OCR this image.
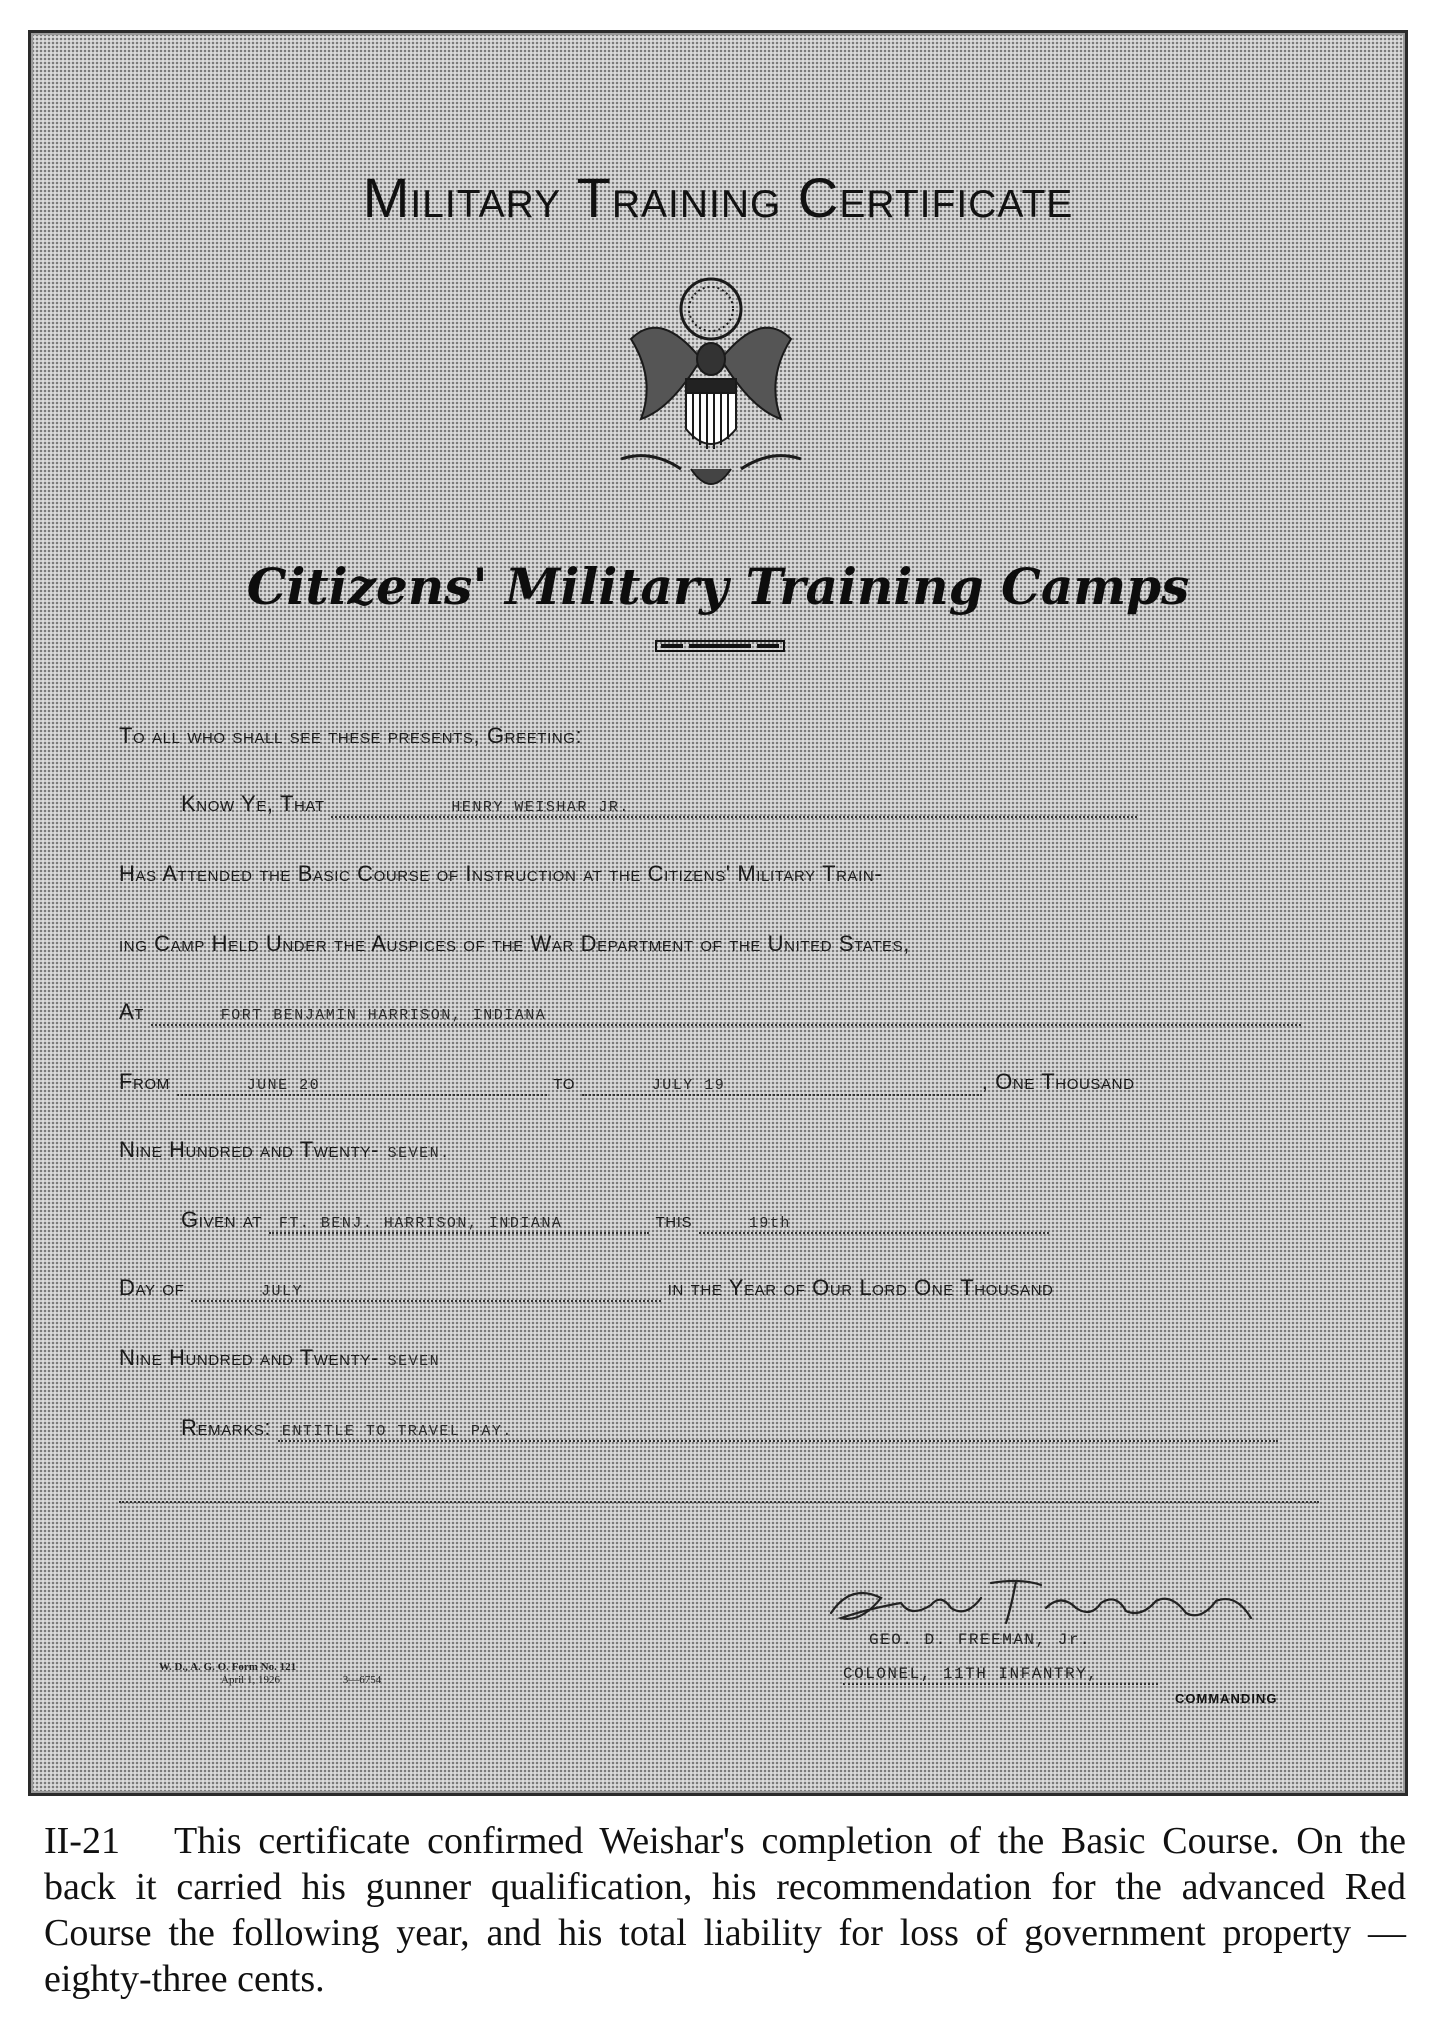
Military Training Certificate
Citizens' Military Training Camps
To all who shall see these presents, Greeting:
Know Ye, That	HENRY WEISHAR JR.
Has Attended the Basic Course of Instruction at the Citizens' Military Train-
ing Camp Held Under the Auspices of the War Department of the United States,
At	FORT BENJAMIN HARRISON, INDIANA
From	JUNE 20	to	JULY 19	, One Thousand
Nine Hundred and Twenty- SEVEN.
Given at FT. BENJ. HARRISON, INDIANA	this	19th
Day of	JULY	in the Year of Our Lord One Thousand
Nine Hundred and Twenty- SEVEN
Remarks: ENTITLE TO TRAVEL PAY.
GEO. D. FREEMAN, Jr.
COLONEL, 11TH INFANTRY,
COMMANDING
W. D., A. G. O. Form No. 121
April 1, 1926	3—6754
II-21 This certificate confirmed Weishar's completion of the Basic Course. On the back it carried his gunner qualification, his recommendation for the advanced Red Course the following year, and his total liability for loss of government property — eighty-three cents.
